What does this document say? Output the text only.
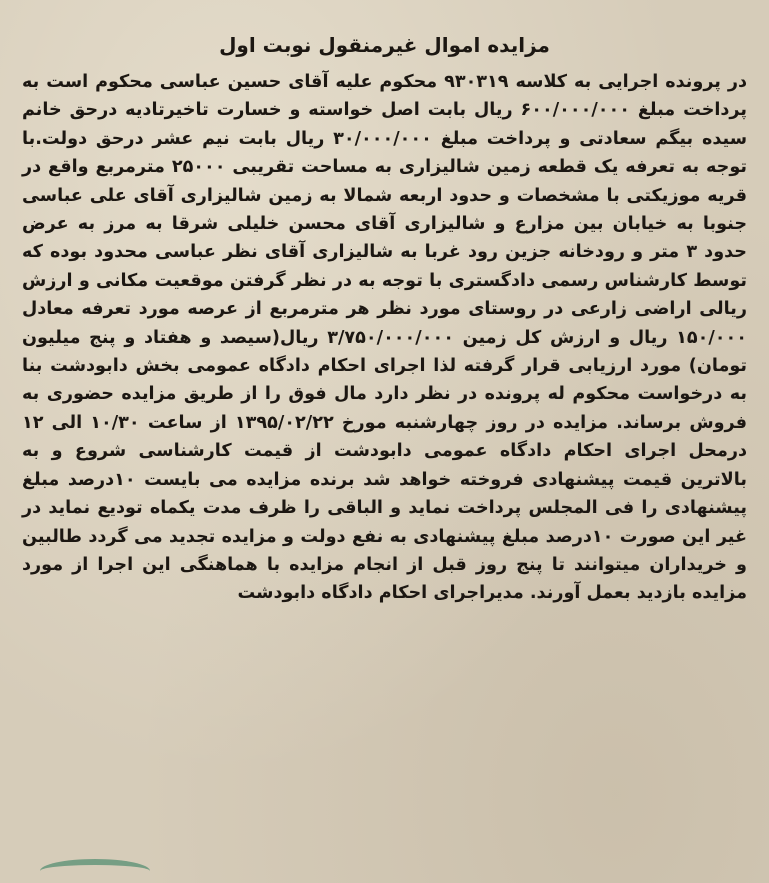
مزایده اموال غیرمنقول نوبت اول

در پرونده اجرایی به کلاسه ۹۳۰۳۱۹ محکوم علیه آقای حسین عباسی محکوم است به پرداخت مبلغ ۶۰۰/۰۰۰/۰۰۰ ریال بابت اصل خواسته و خسارت تاخیرتادیه درحق خانم سیده بیگم سعادتی و پرداخت مبلغ ۳۰/۰۰۰/۰۰۰ ریال بابت نیم عشر درحق دولت.با توجه به تعرفه یک قطعه زمین شالیزاری به مساحت تقریبی ۲۵۰۰۰ مترمربع واقع در قریه موزیکتی با مشخصات و حدود اربعه شمالا به زمین شالیزاری آقای علی عباسی جنوبا به خیابان بین مزارع و شالیزاری آقای محسن خلیلی شرقا به مرز به عرض حدود ۳ متر و رودخانه جزین رود غربا به شالیزاری آقای نظر عباسی محدود بوده که توسط کارشناس رسمی دادگستری با توجه به در نظر گرفتن موقعیت مکانی و ارزش ریالی اراضی زارعی در روستای مورد نظر هر مترمربع از عرصه مورد تعرفه معادل ۱۵۰/۰۰۰ ریال و ارزش کل زمین ۳/۷۵۰/۰۰۰/۰۰۰ ریال(سیصد و هفتاد و پنج میلیون تومان) مورد ارزیابی قرار گرفته لذا اجرای احکام دادگاه عمومی بخش دابودشت بنا به درخواست محکوم له پرونده در نظر دارد مال فوق را از طریق مزایده حضوری به فروش برساند. مزایده در روز چهارشنبه مورخ ۱۳۹۵/۰۲/۲۲ از ساعت ۱۰/۳۰ الی ۱۲ درمحل اجرای احکام دادگاه عمومی دابودشت از قیمت کارشناسی شروع و به بالاترین قیمت پیشنهادی فروخته خواهد شد برنده مزایده می بایست ۱۰درصد مبلغ پیشنهادی را فی المجلس پرداخت نماید و الباقی را ظرف مدت یکماه تودیع نماید در غیر این صورت ۱۰درصد مبلغ پیشنهادی به نفع دولت و مزایده تجدید می گردد طالبین و خریداران میتوانند تا پنج روز قبل از انجام مزایده با هماهنگی این اجرا از مورد مزایده بازدید بعمل آورند. مدیراجرای احکام دادگاه دابودشت
